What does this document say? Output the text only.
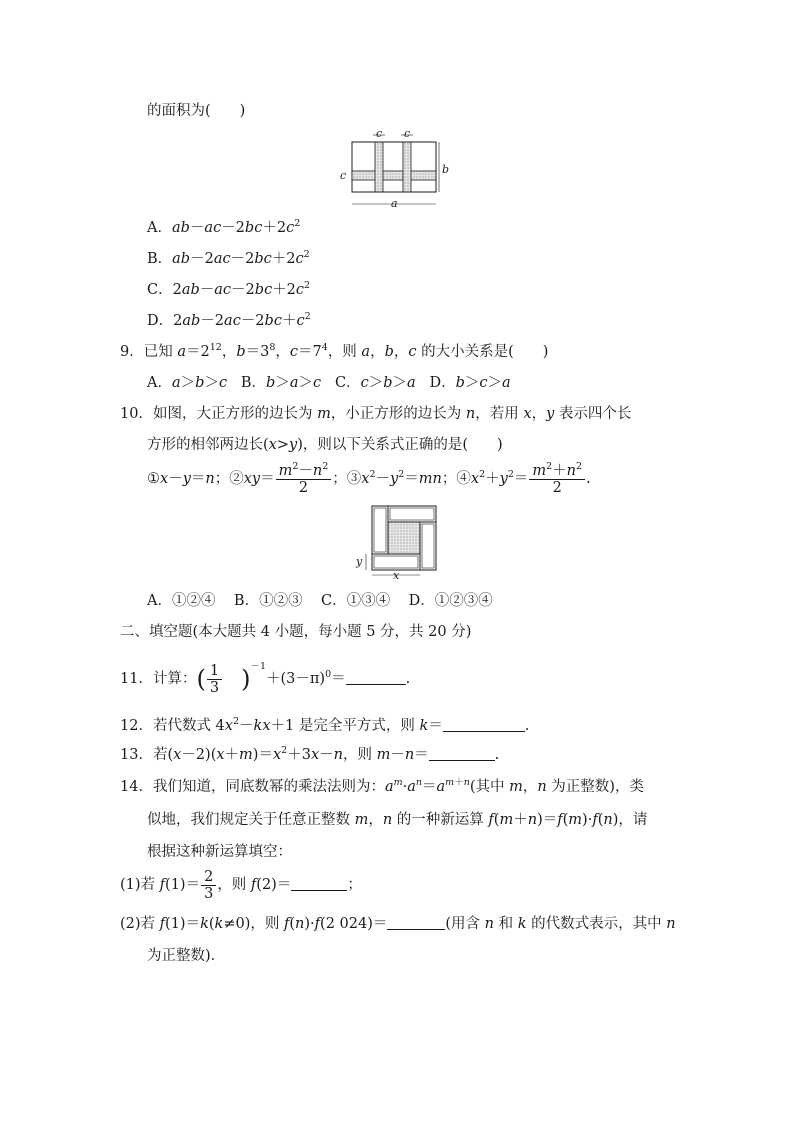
的面积为(　　)
c c
c	b
a
A．$ab-ac-2bc+2c^2$
B．$ab-2ac-2bc+2c^2$
C．$2ab-ac-2bc+2c^2$
D．$2ab-2ac-2bc+c^2$
9．已知 $a=2^{12}$，$b=3^8$，$c=7^4$，则 a，b，c 的大小关系是(　　)
A．a＞b＞c B．b＞a＞c C．c＞b＞a D．b＞c＞a
10．如图，大正方形的边长为 m，小正方形的边长为 n，若用 x，y 表示四个长
方形的相邻两边长(x>y)，则以下关系式正确的是(　　)
①x－y＝n；②xy＝ $\frac{m^2-n^2}{2}$ ；$③x^2-y^2=mn$；$④x^2+y^2= \frac{m^2+n^2}{2}$ .
y
x
A．①②④ B．①②③ C．①③④ D．①②③④
二、填空题(本大题共 4 小题，每小题 5 分，共 20 分)
11．计算：( $\frac{1}{3} )^{-1}+(3-\pi)^0=$	.
12．若代数式 $4x^2-kx+1$ 是完全平方式，则 k＝	.
13．若$(x-2)(x+m)=x^2+3x-n$，则 m－n＝	.
14．我们知道，同底数幂的乘法法则为：$a^m\cdot a^n=a^{m+n}$(其中 m，n 为正整数)，类
似地，我们规定关于任意正整数 m，n 的一种新运算 f(m＋n)＝f(m)·f(n)，请
根据这种新运算填空：
(1)若 $f(1)= \frac{2}{3}$ ，则 f(2)＝	；
(2)若 f(1)＝k(k≠0)，则 f(n)·f(2 024)＝	(用含 n 和 k 的代数式表示，其中 n
为正整数)．
